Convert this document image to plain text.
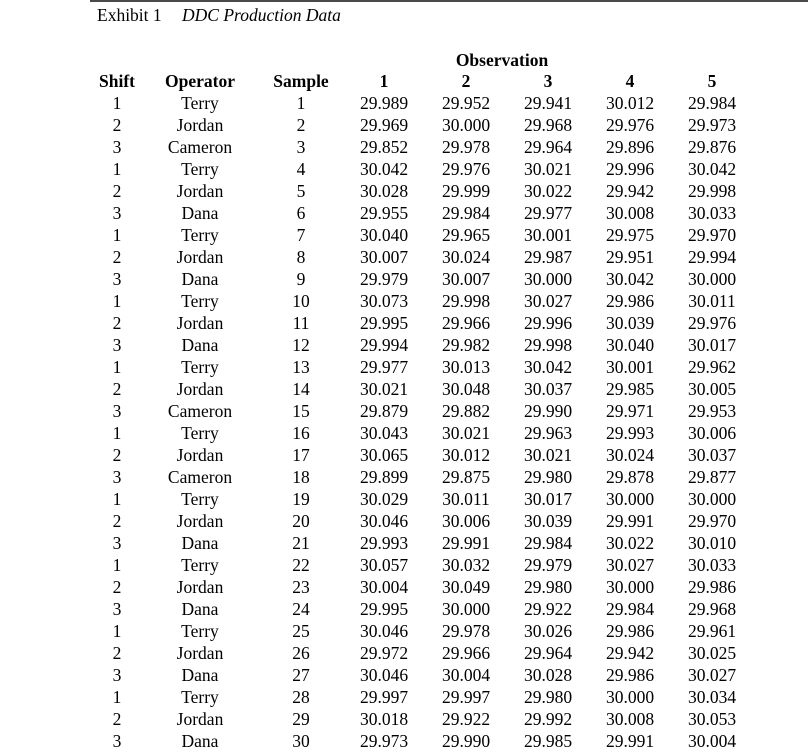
Exhibit 1 DDC Production Data
Observation
Shift	Operator	Sample	1	2	3	4	5
1	Terry	1	29.989	29.952	29.941	30.012	29.984
2	Jordan	2	29.969	30.000	29.968	29.976	29.973
3	Cameron	3	29.852	29.978	29.964	29.896	29.876
1	Terry	4	30.042	29.976	30.021	29.996	30.042
2	Jordan	5	30.028	29.999	30.022	29.942	29.998
3	Dana	6	29.955	29.984	29.977	30.008	30.033
1	Terry	7	30.040	29.965	30.001	29.975	29.970
2	Jordan	8	30.007	30.024	29.987	29.951	29.994
3	Dana	9	29.979	30.007	30.000	30.042	30.000
1	Terry	10	30.073	29.998	30.027	29.986	30.011
2	Jordan	11	29.995	29.966	29.996	30.039	29.976
3	Dana	12	29.994	29.982	29.998	30.040	30.017
1	Terry	13	29.977	30.013	30.042	30.001	29.962
2	Jordan	14	30.021	30.048	30.037	29.985	30.005
3	Cameron	15	29.879	29.882	29.990	29.971	29.953
1	Terry	16	30.043	30.021	29.963	29.993	30.006
2	Jordan	17	30.065	30.012	30.021	30.024	30.037
3	Cameron	18	29.899	29.875	29.980	29.878	29.877
1	Terry	19	30.029	30.011	30.017	30.000	30.000
2	Jordan	20	30.046	30.006	30.039	29.991	29.970
3	Dana	21	29.993	29.991	29.984	30.022	30.010
1	Terry	22	30.057	30.032	29.979	30.027	30.033
2	Jordan	23	30.004	30.049	29.980	30.000	29.986
3	Dana	24	29.995	30.000	29.922	29.984	29.968
1	Terry	25	30.046	29.978	30.026	29.986	29.961
2	Jordan	26	29.972	29.966	29.964	29.942	30.025
3	Dana	27	30.046	30.004	30.028	29.986	30.027
1	Terry	28	29.997	29.997	29.980	30.000	30.034
2	Jordan	29	30.018	29.922	29.992	30.008	30.053
3	Dana	30	29.973	29.990	29.985	29.991	30.004
